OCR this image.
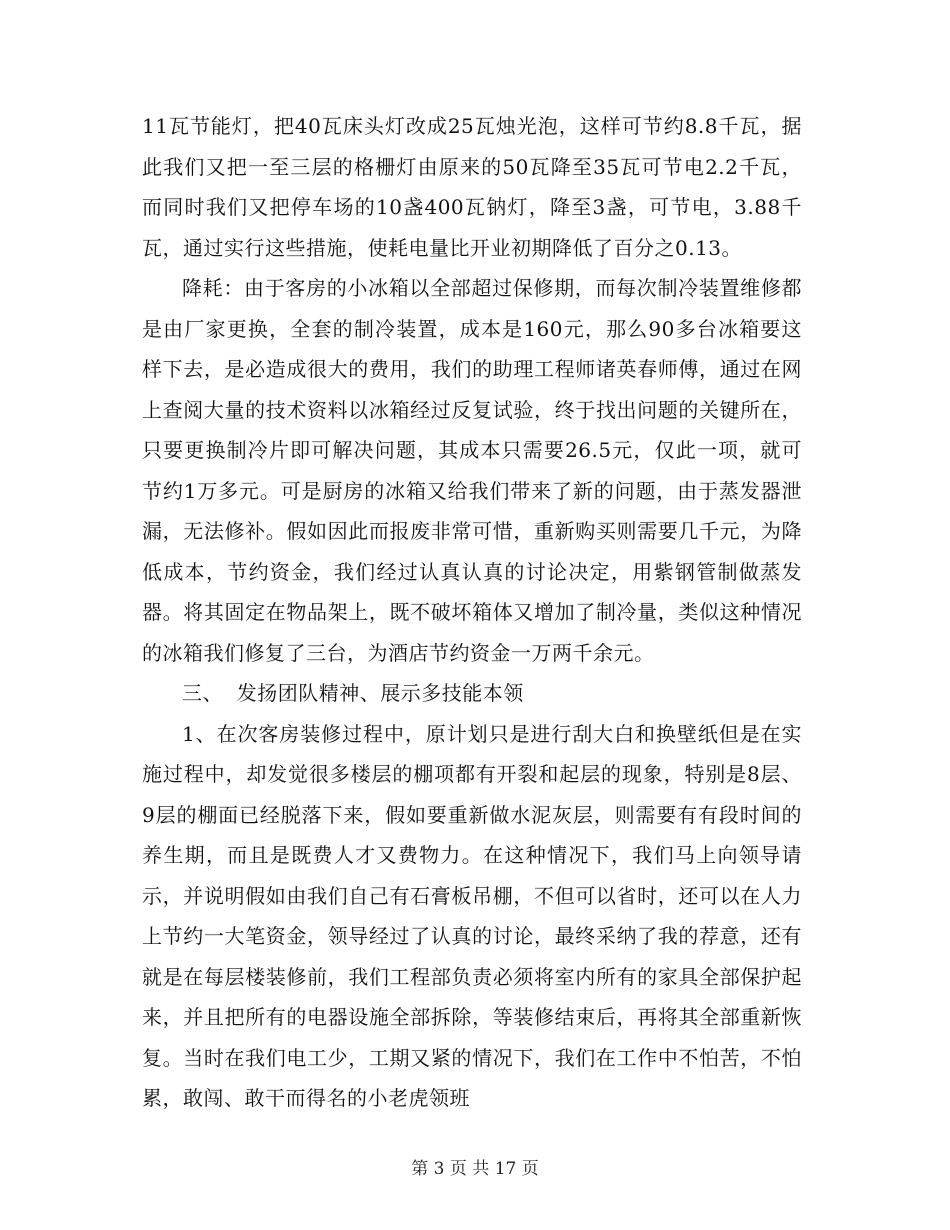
11瓦节能灯，把40瓦床头灯改成25瓦烛光泡，这样可节约8.8千瓦，据此我们又把一至三层的格栅灯由原来的50瓦降至35瓦可节电2.2千瓦，而同时我们又把停车场的10盏400瓦钠灯，降至3盏，可节电，3.88千瓦，通过实行这些措施，使耗电量比开业初期降低了百分之0.13。

降耗：由于客房的小冰箱以全部超过保修期，而每次制冷装置维修都是由厂家更换，全套的制冷装置，成本是160元，那么90多台冰箱要这样下去，是必造成很大的费用，我们的助理工程师诸英春师傅，通过在网上查阅大量的技术资料以冰箱经过反复试验，终于找出问题的关键所在，只要更换制冷片即可解决问题，其成本只需要26.5元，仅此一项，就可节约1万多元。可是厨房的冰箱又给我们带来了新的问题，由于蒸发器泄漏，无法修补。假如因此而报废非常可惜，重新购买则需要几千元，为降低成本，节约资金，我们经过认真认真的讨论决定，用紫钢管制做蒸发器。将其固定在物品架上，既不破坏箱体又增加了制冷量，类似这种情况的冰箱我们修复了三台，为酒店节约资金一万两千余元。

三、  发扬团队精神、展示多技能本领

1、在次客房装修过程中，原计划只是进行刮大白和换壁纸但是在实施过程中，却发觉很多楼层的棚项都有开裂和起层的现象，特别是8层、9层的棚面已经脱落下来，假如要重新做水泥灰层，则需要有有段时间的养生期，而且是既费人才又费物力。在这种情况下，我们马上向领导请示，并说明假如由我们自己有石膏板吊棚，不但可以省时，还可以在人力上节约一大笔资金，领导经过了认真的讨论，最终采纳了我的荐意，还有就是在每层楼装修前，我们工程部负责必须将室内所有的家具全部保护起来，并且把所有的电器设施全部拆除，等装修结束后，再将其全部重新恢复。当时在我们电工少，工期又紧的情况下，我们在工作中不怕苦，不怕累，敢闯、敢干而得名的小老虎领班

第 3 页 共 17 页
